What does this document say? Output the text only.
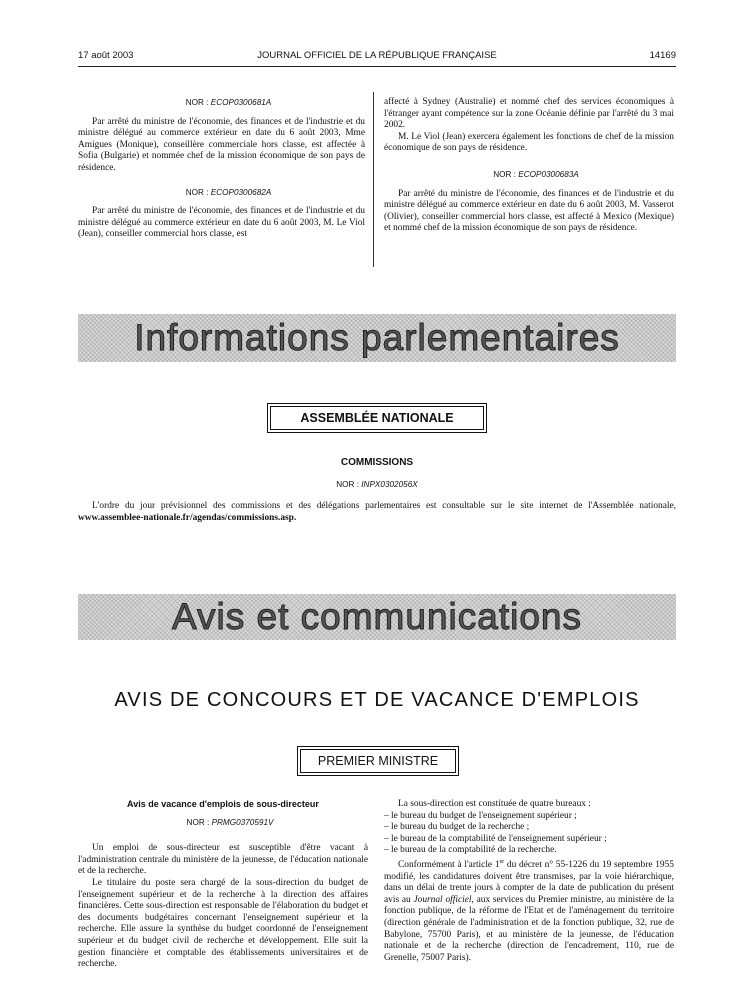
17 août 2003	JOURNAL OFFICIEL DE LA RÉPUBLIQUE FRANÇAISE	14169

NOR : ECOP0300681A

Par arrêté du ministre de l'économie, des finances et de l'industrie et du ministre délégué au commerce extérieur en date du 6 août 2003, Mme Amigues (Monique), conseillère commerciale hors classe, est affectée à Sofia (Bulgarie) et nommée chef de la mission économique de son pays de résidence.

NOR : ECOP0300682A

Par arrêté du ministre de l'économie, des finances et de l'industrie et du ministre délégué au commerce extérieur en date du 6 août 2003, M. Le Viol (Jean), conseiller commercial hors classe, est

affecté à Sydney (Australie) et nommé chef des services économiques à l'étranger ayant compétence sur la zone Océanie définie par l'arrêté du 3 mai 2002.

M. Le Viol (Jean) exercera également les fonctions de chef de la mission économique de son pays de résidence.

NOR : ECOP0300683A

Par arrêté du ministre de l'économie, des finances et de l'industrie et du ministre délégué au commerce extérieur en date du 6 août 2003, M. Vasserot (Olivier), conseiller commercial hors classe, est affecté à Mexico (Mexique) et nommé chef de la mission économique de son pays de résidence.

Informations parlementaires
ASSEMBLÉE NATIONALE
COMMISSIONS

NOR : INPX0302056X

L'ordre du jour prévisionnel des commissions et des délégations parlementaires est consultable sur le site internet de l'Assemblée nationale, www.assemblee-nationale.fr/agendas/commissions.asp.

Avis et communications
AVIS DE CONCOURS ET DE VACANCE D'EMPLOIS
PREMIER MINISTRE

Avis de vacance d'emplois de sous-directeur

NOR : PRMG0370591V

Un emploi de sous-directeur est susceptible d'être vacant à l'administration centrale du ministère de la jeunesse, de l'éducation nationale et de la recherche.

Le titulaire du poste sera chargé de la sous-direction du budget de l'enseignement supérieur et de la recherche à la direction des affaires financières. Cette sous-direction est responsable de l'élaboration du budget et des documents budgétaires concernant l'enseignement supérieur et la recherche. Elle assure la synthèse du budget coordonné de l'enseignement supérieur et du budget civil de recherche et développement. Elle suit la gestion financière et comptable des établissements universitaires et de recherche.

La sous-direction est constituée de quatre bureaux :

– le bureau du budget de l'enseignement supérieur ;
– le bureau du budget de la recherche ;
– le bureau de la comptabilité de l'enseignement supérieur ;
– le bureau de la comptabilité de la recherche.

Conformément à l'article 1er du décret n° 55-1226 du 19 septembre 1955 modifié, les candidatures doivent être transmises, par la voie hiérarchique, dans un délai de trente jours à compter de la date de publication du présent avis au Journal officiel, aux services du Premier ministre, au ministère de la fonction publique, de la réforme de l'Etat et de l'aménagement du territoire (direction générale de l'administration et de la fonction publique, 32, rue de Babylone, 75700 Paris), et au ministère de la jeunesse, de l'éducation nationale et de la recherche (direction de l'encadrement, 110, rue de Grenelle, 75007 Paris).
